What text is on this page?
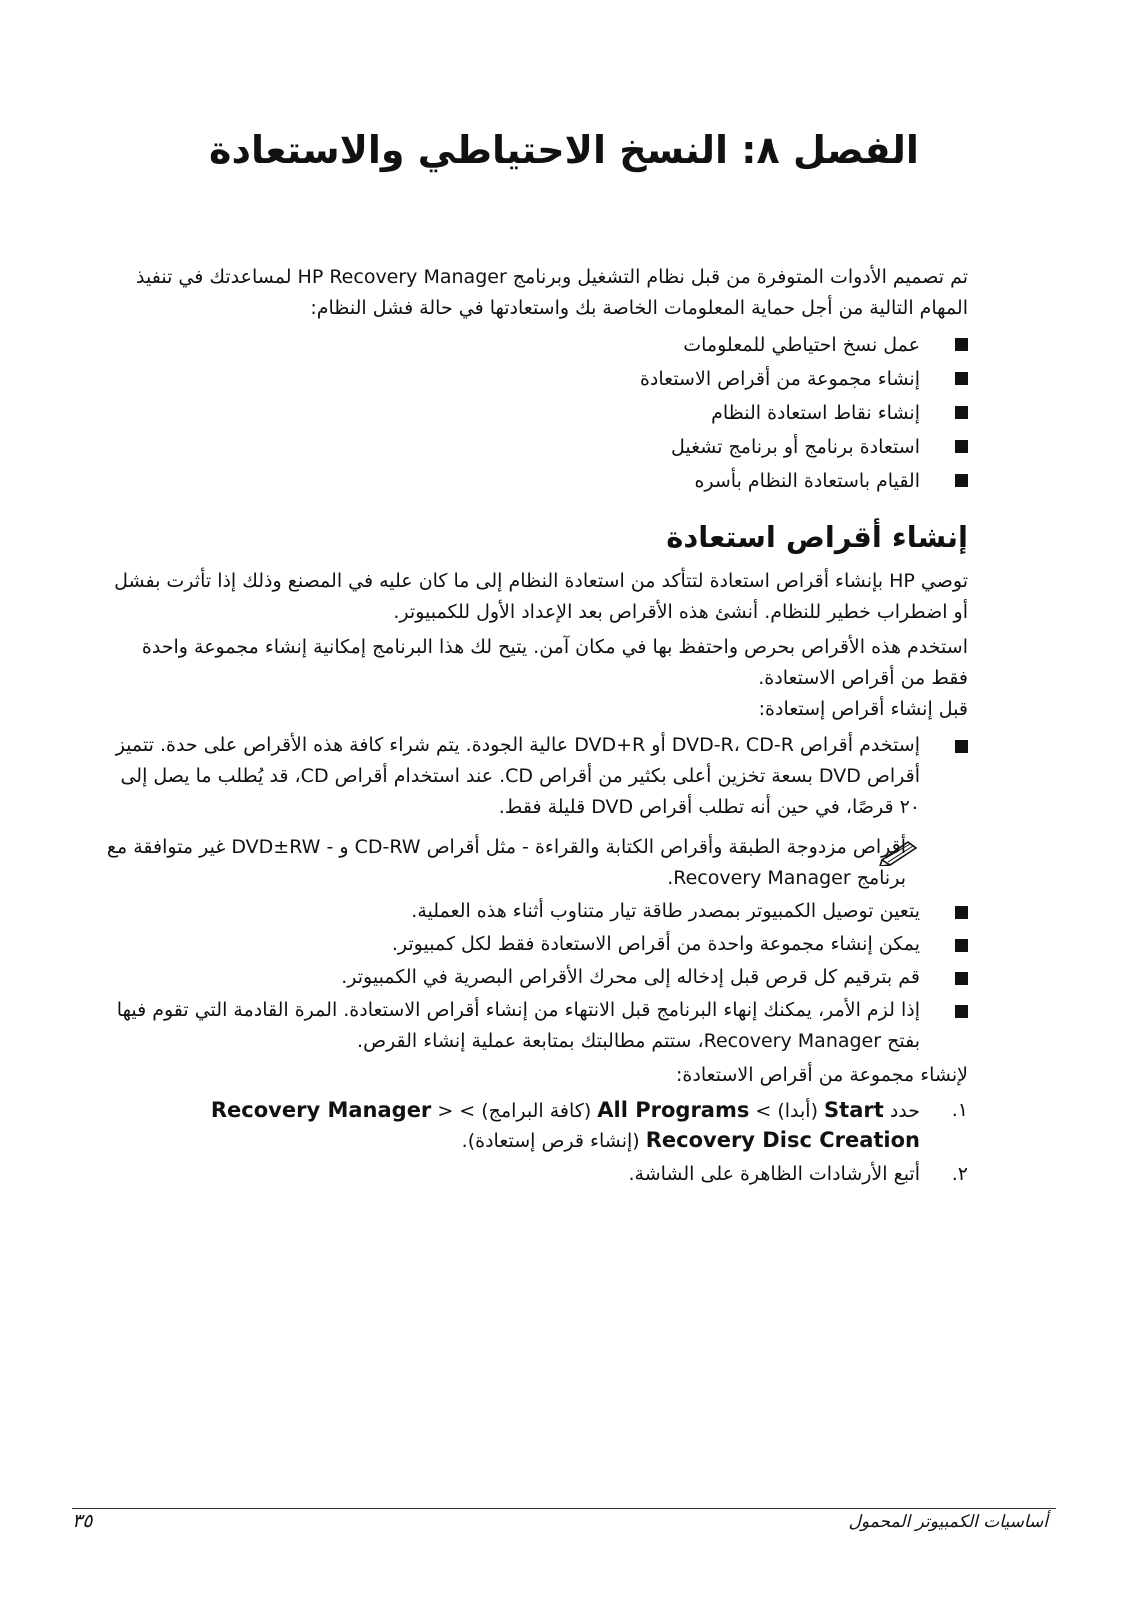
الفصل ٨: النسخ الاحتياطي والاستعادة
تم تصميم الأدوات المتوفرة من قبل نظام التشغيل وبرنامج HP Recovery Manager لمساعدتك في تنفيذ المهام التالية من أجل حماية المعلومات الخاصة بك واستعادتها في حالة فشل النظام:
عمل نسخ احتياطي للمعلومات
إنشاء مجموعة من أقراص الاستعادة
إنشاء نقاط استعادة النظام
استعادة برنامج أو برنامج تشغيل
القيام باستعادة النظام بأسره
إنشاء أقراص استعادة
توصي HP بإنشاء أقراص استعادة لتتأكد من استعادة النظام إلى ما كان عليه في المصنع وذلك إذا تأثرت بفشل أو اضطراب خطير للنظام. أنشئ هذه الأقراص بعد الإعداد الأول للكمبيوتر.
استخدم هذه الأقراص بحرص واحتفظ بها في مكان آمن. يتيح لك هذا البرنامج إمكانية إنشاء مجموعة واحدة فقط من أقراص الاستعادة.
قبل إنشاء أقراص إستعادة:
إستخدم أقراص DVD-R، CD-R أو DVD+R عالية الجودة. يتم شراء كافة هذه الأقراص على حدة. تتميز أقراص DVD بسعة تخزين أعلى بكثير من أقراص CD. عند استخدام أقراص CD، قد يُطلب ما يصل إلى ٢٠ قرصًا، في حين أنه تطلب أقراص DVD قليلة فقط.
أقراص مزدوجة الطبقة وأقراص الكتابة والقراءة - مثل أقراص CD-RW و - DVD±RW غير متوافقة مع برنامج Recovery Manager.
يتعين توصيل الكمبيوتر بمصدر طاقة تيار متناوب أثناء هذه العملية.
يمكن إنشاء مجموعة واحدة من أقراص الاستعادة فقط لكل كمبيوتر.
قم بترقيم كل قرص قبل إدخاله إلى محرك الأقراص البصرية في الكمبيوتر.
إذا لزم الأمر، يمكنك إنهاء البرنامج قبل الانتهاء من إنشاء أقراص الاستعادة. المرة القادمة التي تقوم فيها بفتح Recovery Manager، ستتم مطالبتك بمتابعة عملية إنشاء القرص.
لإنشاء مجموعة من أقراص الاستعادة:
١.
حدد Start (أبدا) > All Programs (كافة البرامج) > Recovery Manager > Recovery Disc Creation (إنشاء قرص إستعادة).
٢.
أتبع الأرشادات الظاهرة على الشاشة.
أساسيات الكمبيوتر المحمول
٣٥
